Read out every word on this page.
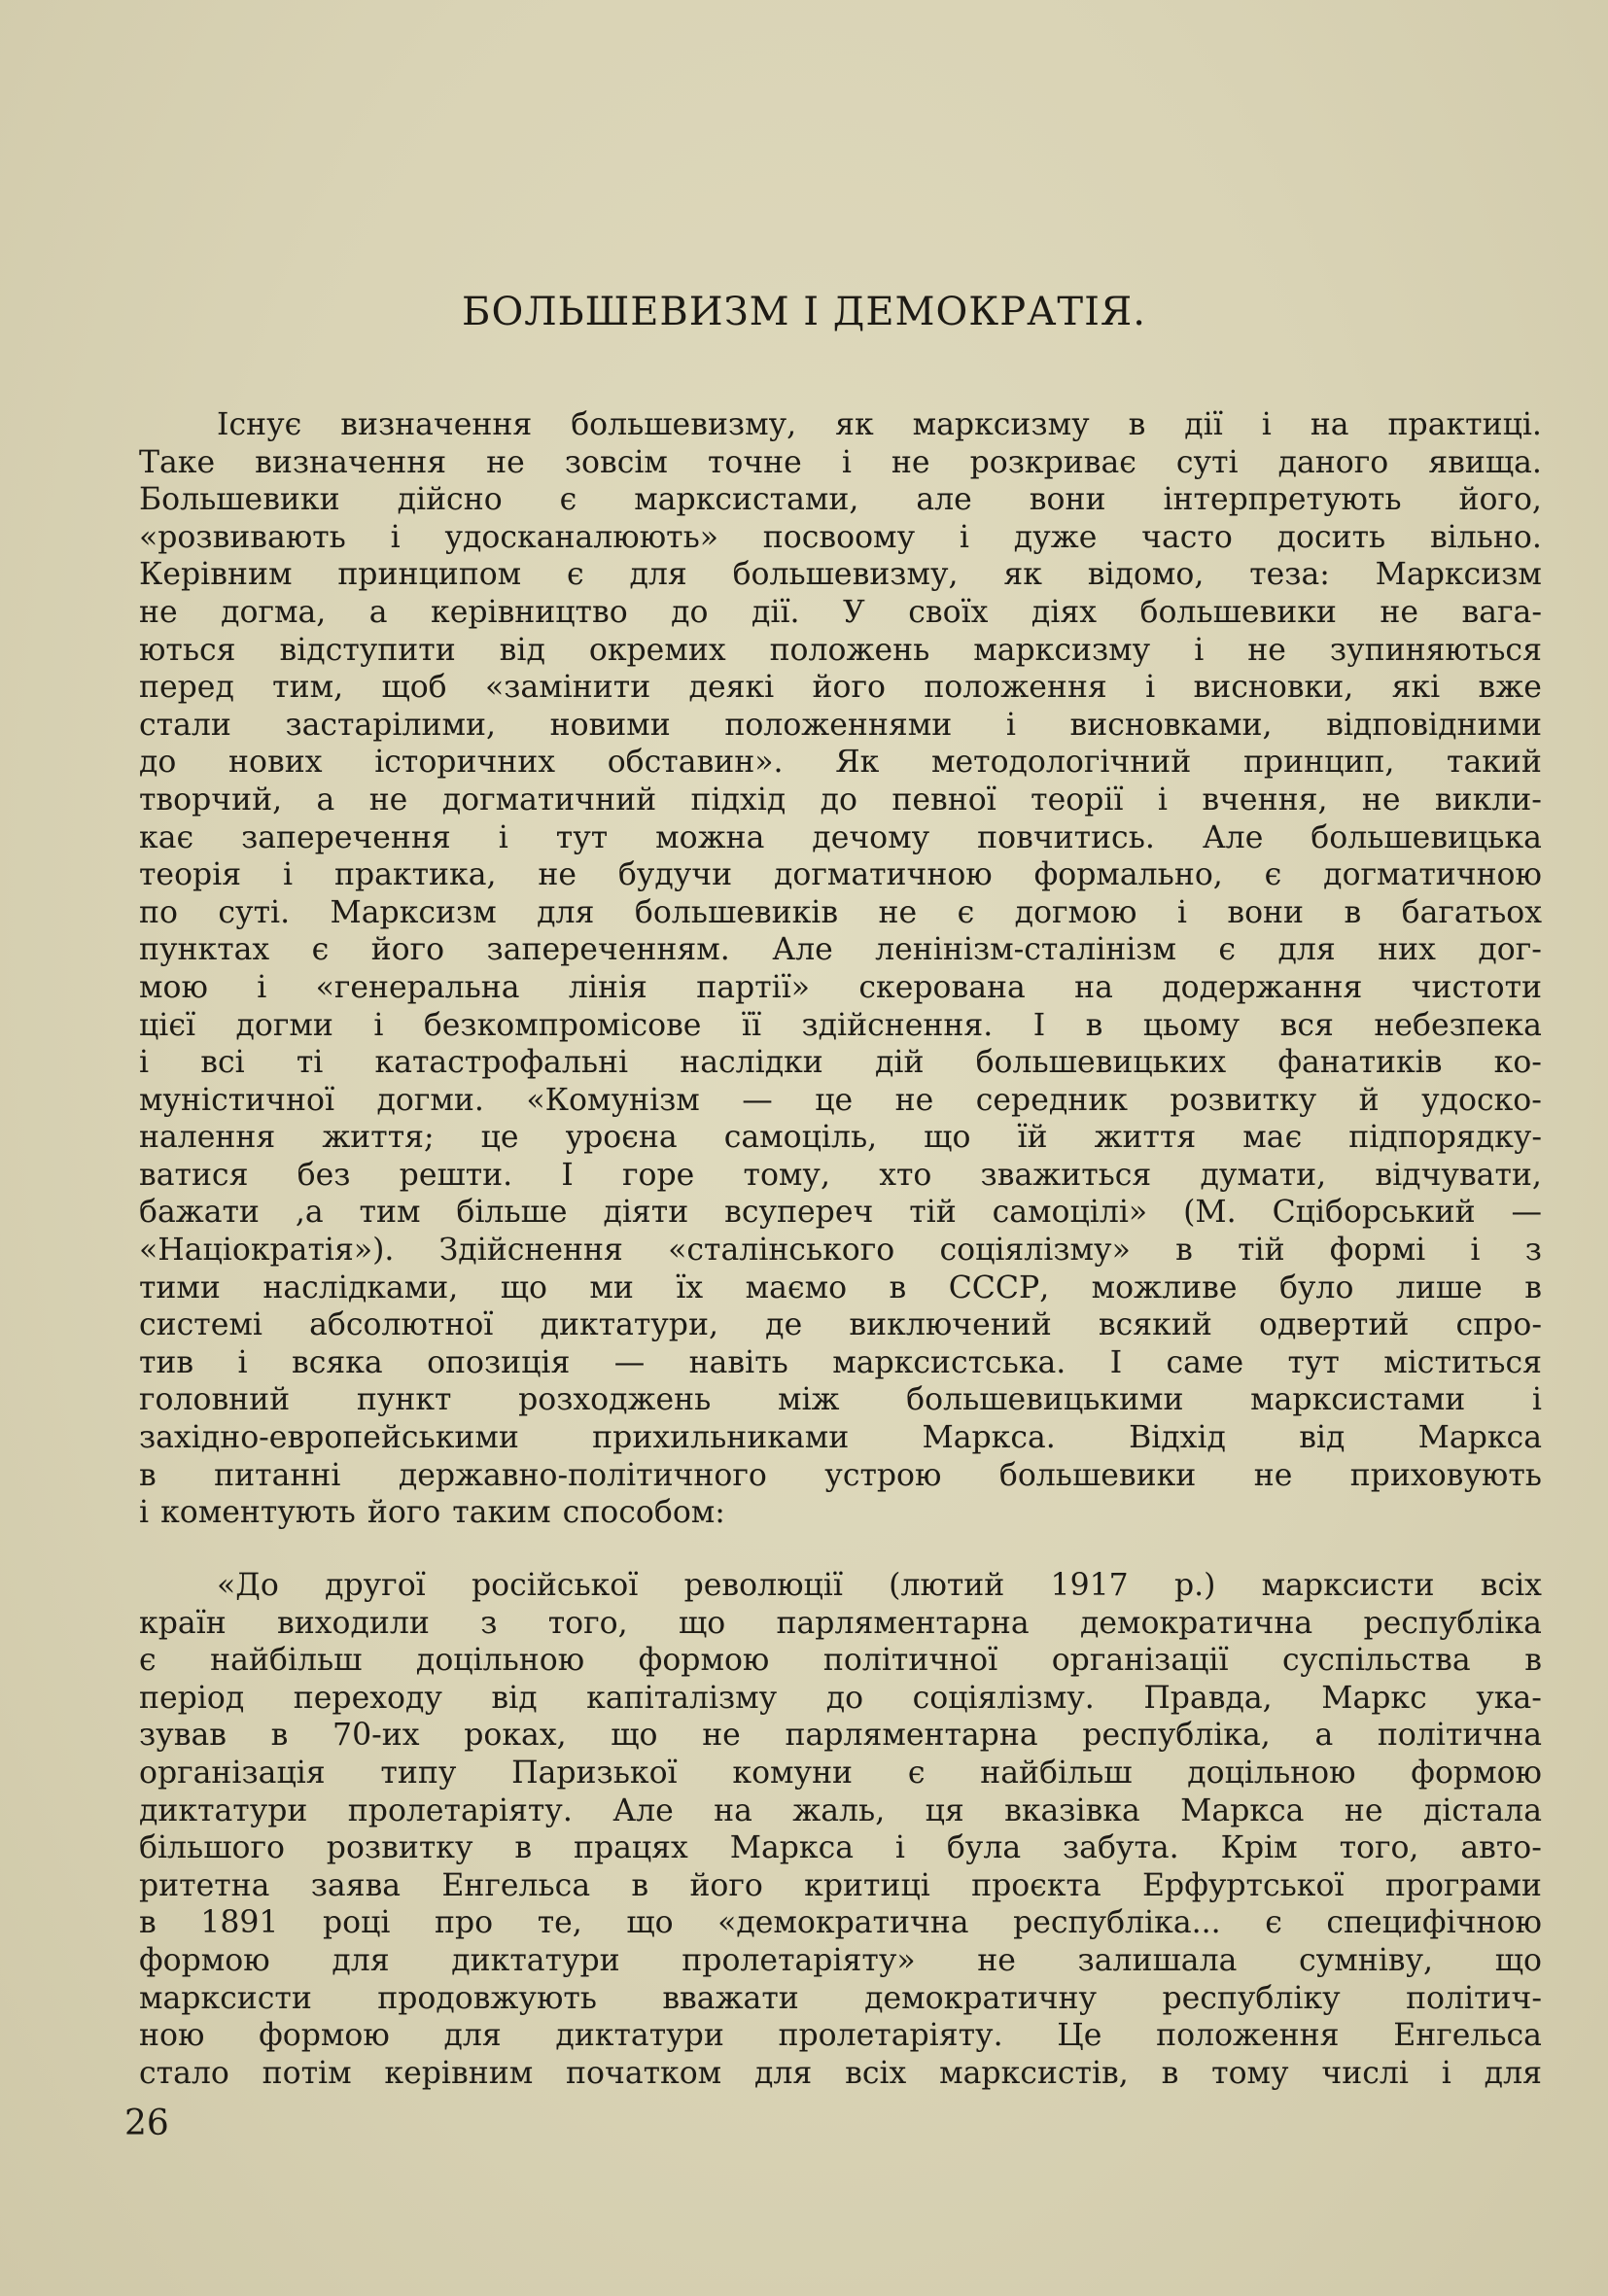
БОЛЬШЕВИЗМ І ДЕМОКРАТІЯ.
Існує визначення большевизму, як марксизму в дії і на практиці.
Таке визначення не зовсім точне і не розкриває суті даного явища.
Большевики дійсно є марксистами, але вони інтерпретують його,
«розвивають і удосканалюють» посвоому і дуже часто досить вільно.
Керівним принципом є для большевизму, як відомо, теза: Марксизм
не догма, а керівництво до дії. У своїх діях большевики не вага-
ються відступити від окремих положень марксизму і не зупиняються
перед тим, щоб «замінити деякі його положення і висновки, які вже
стали застарілими, новими положеннями і висновками, відповідними
до нових історичних обставин». Як методологічний принцип, такий
творчий, а не догматичний підхід до певної теорії і вчення, не викли-
кає заперечення і тут можна дечому повчитись. Але большевицька
теорія і практика, не будучи догматичною формально, є догматичною
по суті. Марксизм для большевиків не є догмою і вони в багатьох
пунктах є його запереченням. Але ленінізм-сталінізм є для них дог-
мою і «генеральна лінія партії» скерована на додержання чистоти
цієї догми і безкомпромісове її здійснення. І в цьому вся небезпека
і всі ті катастрофальні наслідки дій большевицьких фанатиків ко-
муністичної догми. «Комунізм — це не середник розвитку й удоско-
налення життя; це уроєна самоціль, що їй життя має підпорядку-
ватися без решти. І горе тому, хто зважиться думати, відчувати,
бажати ,а тим більше діяти всупереч тій самоцілі» (М. Сціборський —
«Націократія»). Здійснення «сталінського соціялізму» в тій формі і з
тими наслідками, що ми їх маємо в СССР, можливе було лише в
системі абсолютної диктатури, де виключений всякий одвертий спро-
тив і всяка опозиція — навіть марксистська. І саме тут міститься
головний пункт розходжень між большевицькими марксистами і
західно-европейськими прихильниками Маркса. Відхід від Маркса
в питанні державно-політичного устрою большевики не приховують
і коментують його таким способом:
«До другої російської революції (лютий 1917 р.) марксисти всіх
країн виходили з того, що парляментарна демократична республіка
є найбільш доцільною формою політичної організації суспільства в
період переходу від капіталізму до соціялізму. Правда, Маркс ука-
зував в 70-их роках, що не парляментарна республіка, а політична
організація типу Паризької комуни є найбільш доцільною формою
диктатури пролетаріяту. Але на жаль, ця вказівка Маркса не дістала
більшого розвитку в працях Маркса і була забута. Крім того, авто-
ритетна заява Енгельса в його критиці проєкта Ерфуртської програми
в 1891 році про те, що «демократична республіка... є специфічною
формою для диктатури пролетаріяту» не залишала сумніву, що
марксисти продовжують вважати демократичну республіку політич-
ною формою для диктатури пролетаріяту. Це положення Енгельса
стало потім керівним початком для всіх марксистів, в тому числі і для
26
